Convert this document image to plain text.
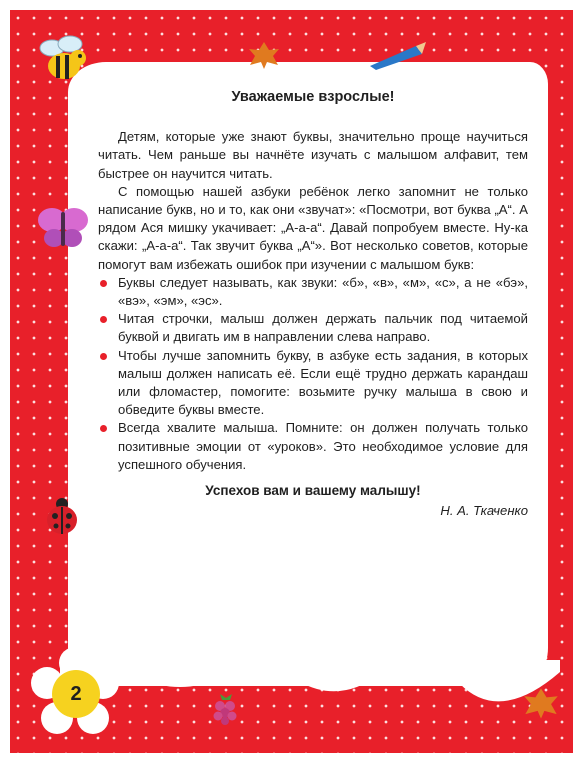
2
Уважаемые взрослые!

Детям, которые уже знают буквы, значительно проще научиться читать. Чем раньше вы начнёте изучать с малышом алфавит, тем быстрее он научится читать.

С помощью нашей азбуки ребёнок легко запомнит не только написание букв, но и то, как они «звучат»: «Посмотри, вот буква „А“. А рядом Ася мишку укачивает: „А-а-а“. Давай попробуем вместе. Ну-ка скажи: „А-а-а“. Так звучит буква „А“». Вот несколько советов, которые помогут вам избежать ошибок при изучении с малышом букв:

Буквы следует называть, как звуки: «б», «в», «м», «с», а не «бэ», «вэ», «эм», «эс».
Читая строчки, малыш должен держать пальчик под читаемой буквой и двигать им в направлении слева направо.
Чтобы лучше запомнить букву, в азбуке есть задания, в которых малыш должен написать её. Если ещё трудно держать карандаш или фломастер, помогите: возьмите ручку малыша в свою и обведите буквы вместе.
Всегда хвалите малыша. Помните: он должен получать только позитивные эмоции от «уроков». Это необходимое условие для успешного обучения.
Успехов вам и вашему малышу!
Н. А. Ткаченко
